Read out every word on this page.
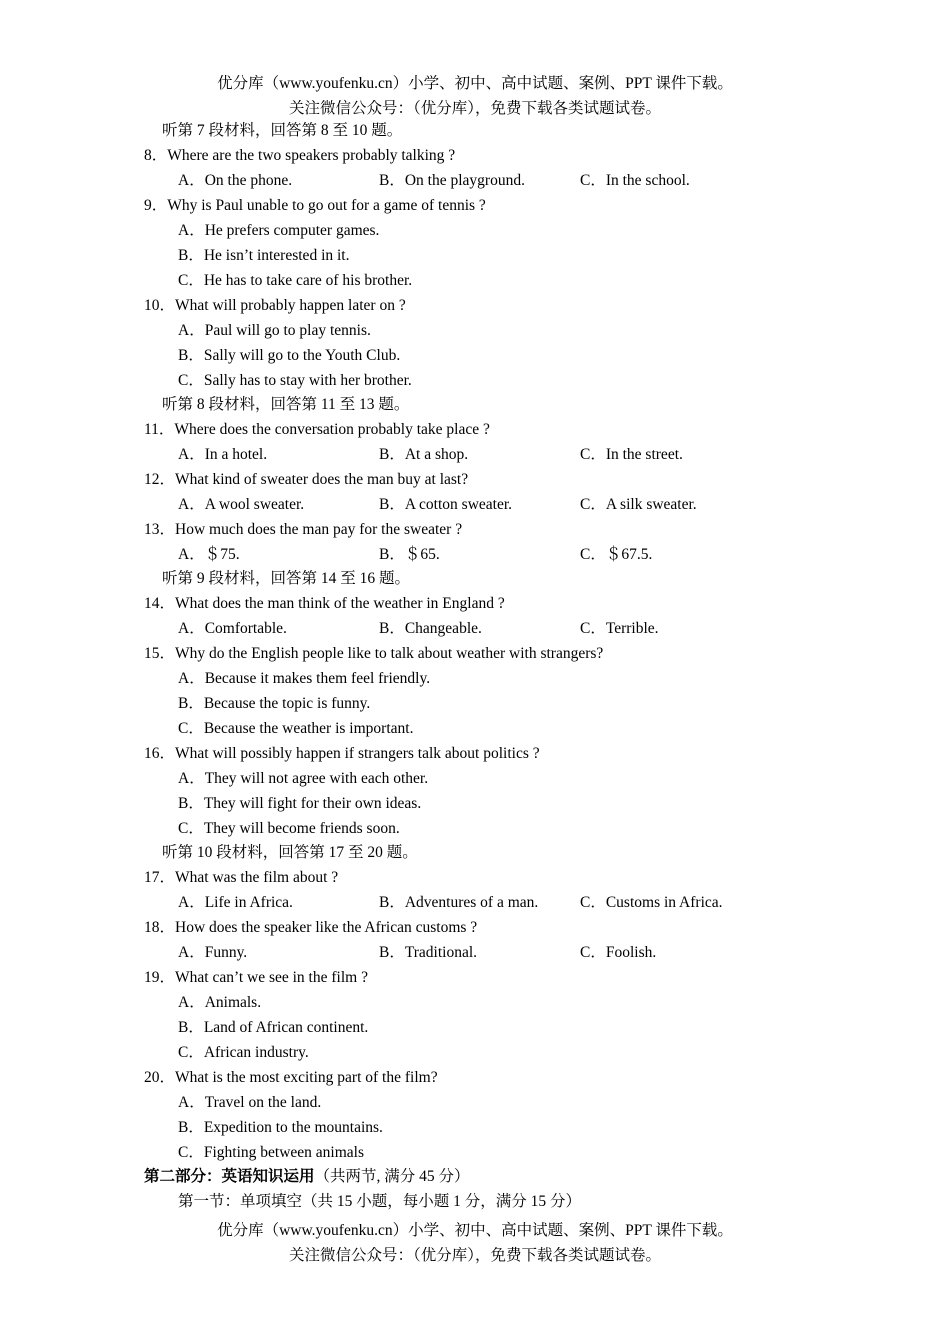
优分库（www.youfenku.cn）小学、初中、高中试题、案例、PPT 课件下载。
关注微信公众号：（优分库），免费下载各类试题试卷。
听第 7 段材料，回答第 8 至 10 题。
8．Where are the two speakers probably talking ?
A．On the phone.	B．On the playground.	C．In the school.
9．Why is Paul unable to go out for a game of tennis ?
A．He prefers computer games.
B．He isn’t interested in it.
C．He has to take care of his brother.
10．What will probably happen later on ?
A．Paul will go to play tennis.
B．Sally will go to the Youth Club.
C．Sally has to stay with her brother.
听第 8 段材料，回答第 11 至 13 题。
11．Where does the conversation probably take place ?
A．In a hotel.	B．At a shop.	C．In the street.
12．What kind of sweater does the man buy at last?
A．A wool sweater.	B．A cotton sweater.	C．A silk sweater.
13．How much does the man pay for the sweater ?
A．＄75.	B．＄65.	C．＄67.5.
听第 9 段材料，回答第 14 至 16 题。
14．What does the man think of the weather in England ?
A．Comfortable.	B．Changeable.	C．Terrible.
15．Why do the English people like to talk about weather with strangers?
A．Because it makes them feel friendly.
B．Because the topic is funny.
C．Because the weather is important.
16．What will possibly happen if strangers talk about politics ?
A．They will not agree with each other.
B．They will fight for their own ideas.
C．They will become friends soon.
听第 10 段材料，回答第 17 至 20 题。
17．What was the film about ?
A．Life in Africa.	B．Adventures of a man.	C．Customs in Africa.
18．How does the speaker like the African customs ?
A．Funny.	B．Traditional.	C．Foolish.
19．What can’t we see in the film ?
A．Animals.
B．Land of African continent.
C．African industry.
20．What is the most exciting part of the film?
A．Travel on the land.
B．Expedition to the mountains.
C．Fighting between animals
第二部分：英语知识运用（共两节, 满分 45 分）
第一节：单项填空（共 15 小题，每小题 1 分，满分 15 分）
优分库（www.youfenku.cn）小学、初中、高中试题、案例、PPT 课件下载。
关注微信公众号：（优分库），免费下载各类试题试卷。
